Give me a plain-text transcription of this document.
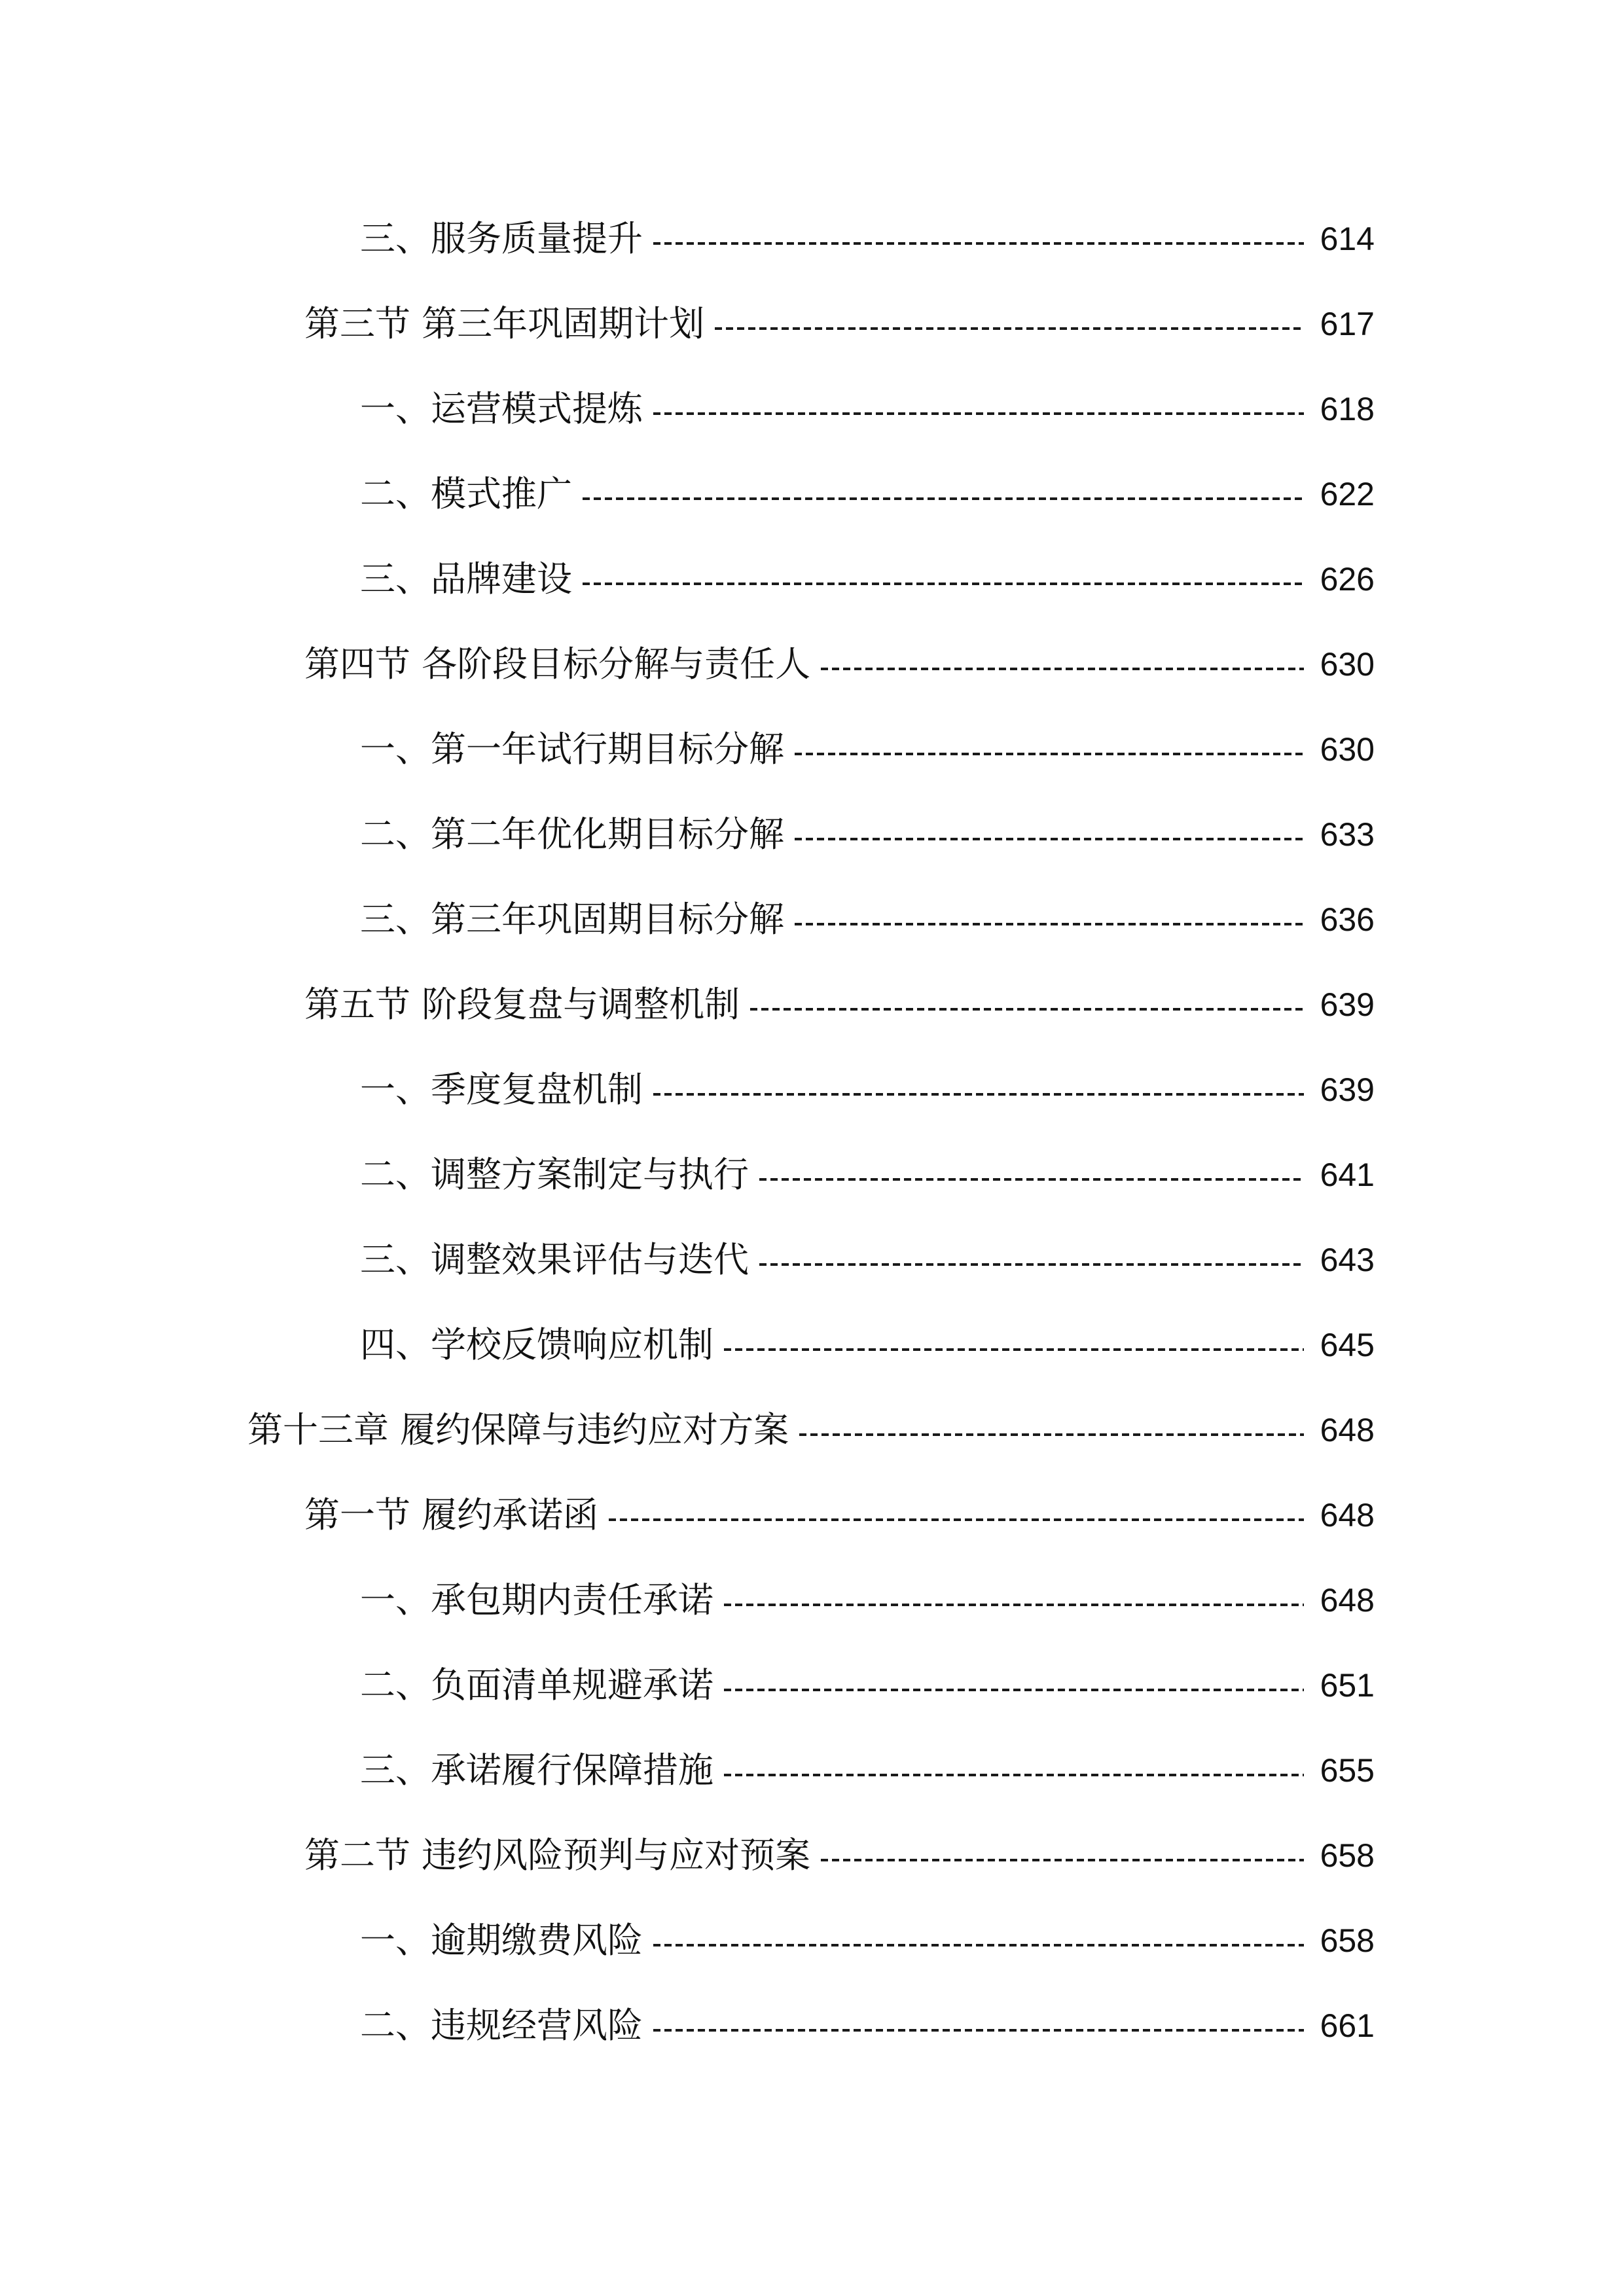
三、服务质量提升	614
第三节 第三年巩固期计划	617
一、运营模式提炼	618
二、模式推广	622
三、品牌建设	626
第四节 各阶段目标分解与责任人	630
一、第一年试行期目标分解	630
二、第二年优化期目标分解	633
三、第三年巩固期目标分解	636
第五节 阶段复盘与调整机制	639
一、季度复盘机制	639
二、调整方案制定与执行	641
三、调整效果评估与迭代	643
四、学校反馈响应机制	645
第十三章 履约保障与违约应对方案	648
第一节 履约承诺函	648
一、承包期内责任承诺	648
二、负面清单规避承诺	651
三、承诺履行保障措施	655
第二节 违约风险预判与应对预案	658
一、逾期缴费风险	658
二、违规经营风险	661
